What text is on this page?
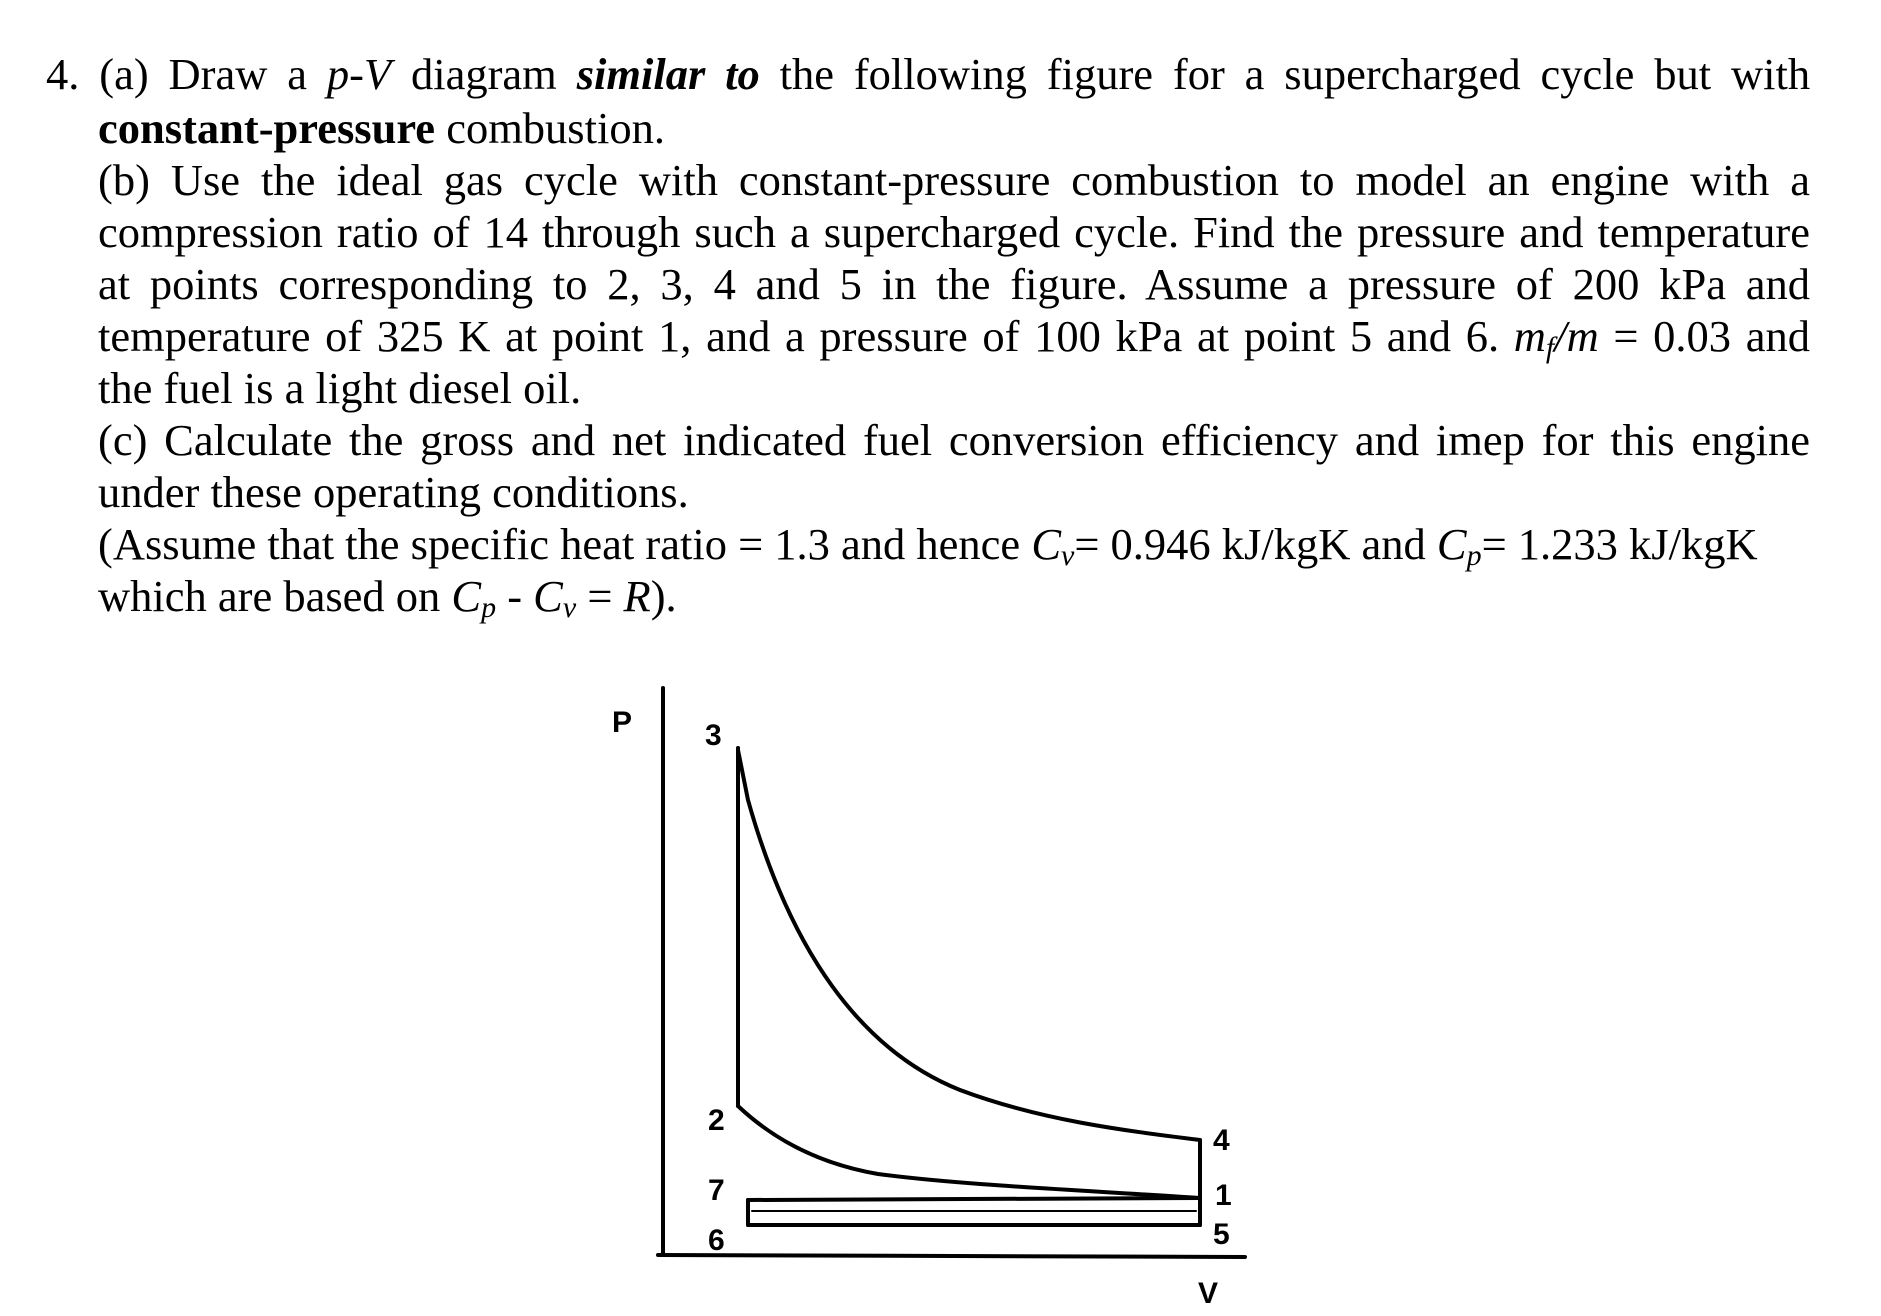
4. (a) Draw a p-V diagram similar to the following figure for a supercharged cycle but with
constant-pressure combustion.
(b) Use the ideal gas cycle with constant-pressure combustion to model an engine with a
compression ratio of 14 through such a supercharged cycle. Find the pressure and temperature
at points corresponding to 2, 3, 4 and 5 in the figure. Assume a pressure of 200 kPa and
temperature of 325 K at point 1, and a pressure of 100 kPa at point 5 and 6. $m_f/m = 0.03$ and
the fuel is a light diesel oil.
(c) Calculate the gross and net indicated fuel conversion efficiency and imep for this engine
under these operating conditions.
(Assume that the specific heat ratio = 1.3 and hence $C_v= 0.946$ kJ/kgK and $C_p= 1.233$ kJ/kgK
which are based on $C_p - C_v = R$).
P
V
3
2
7
6
4
1
5
